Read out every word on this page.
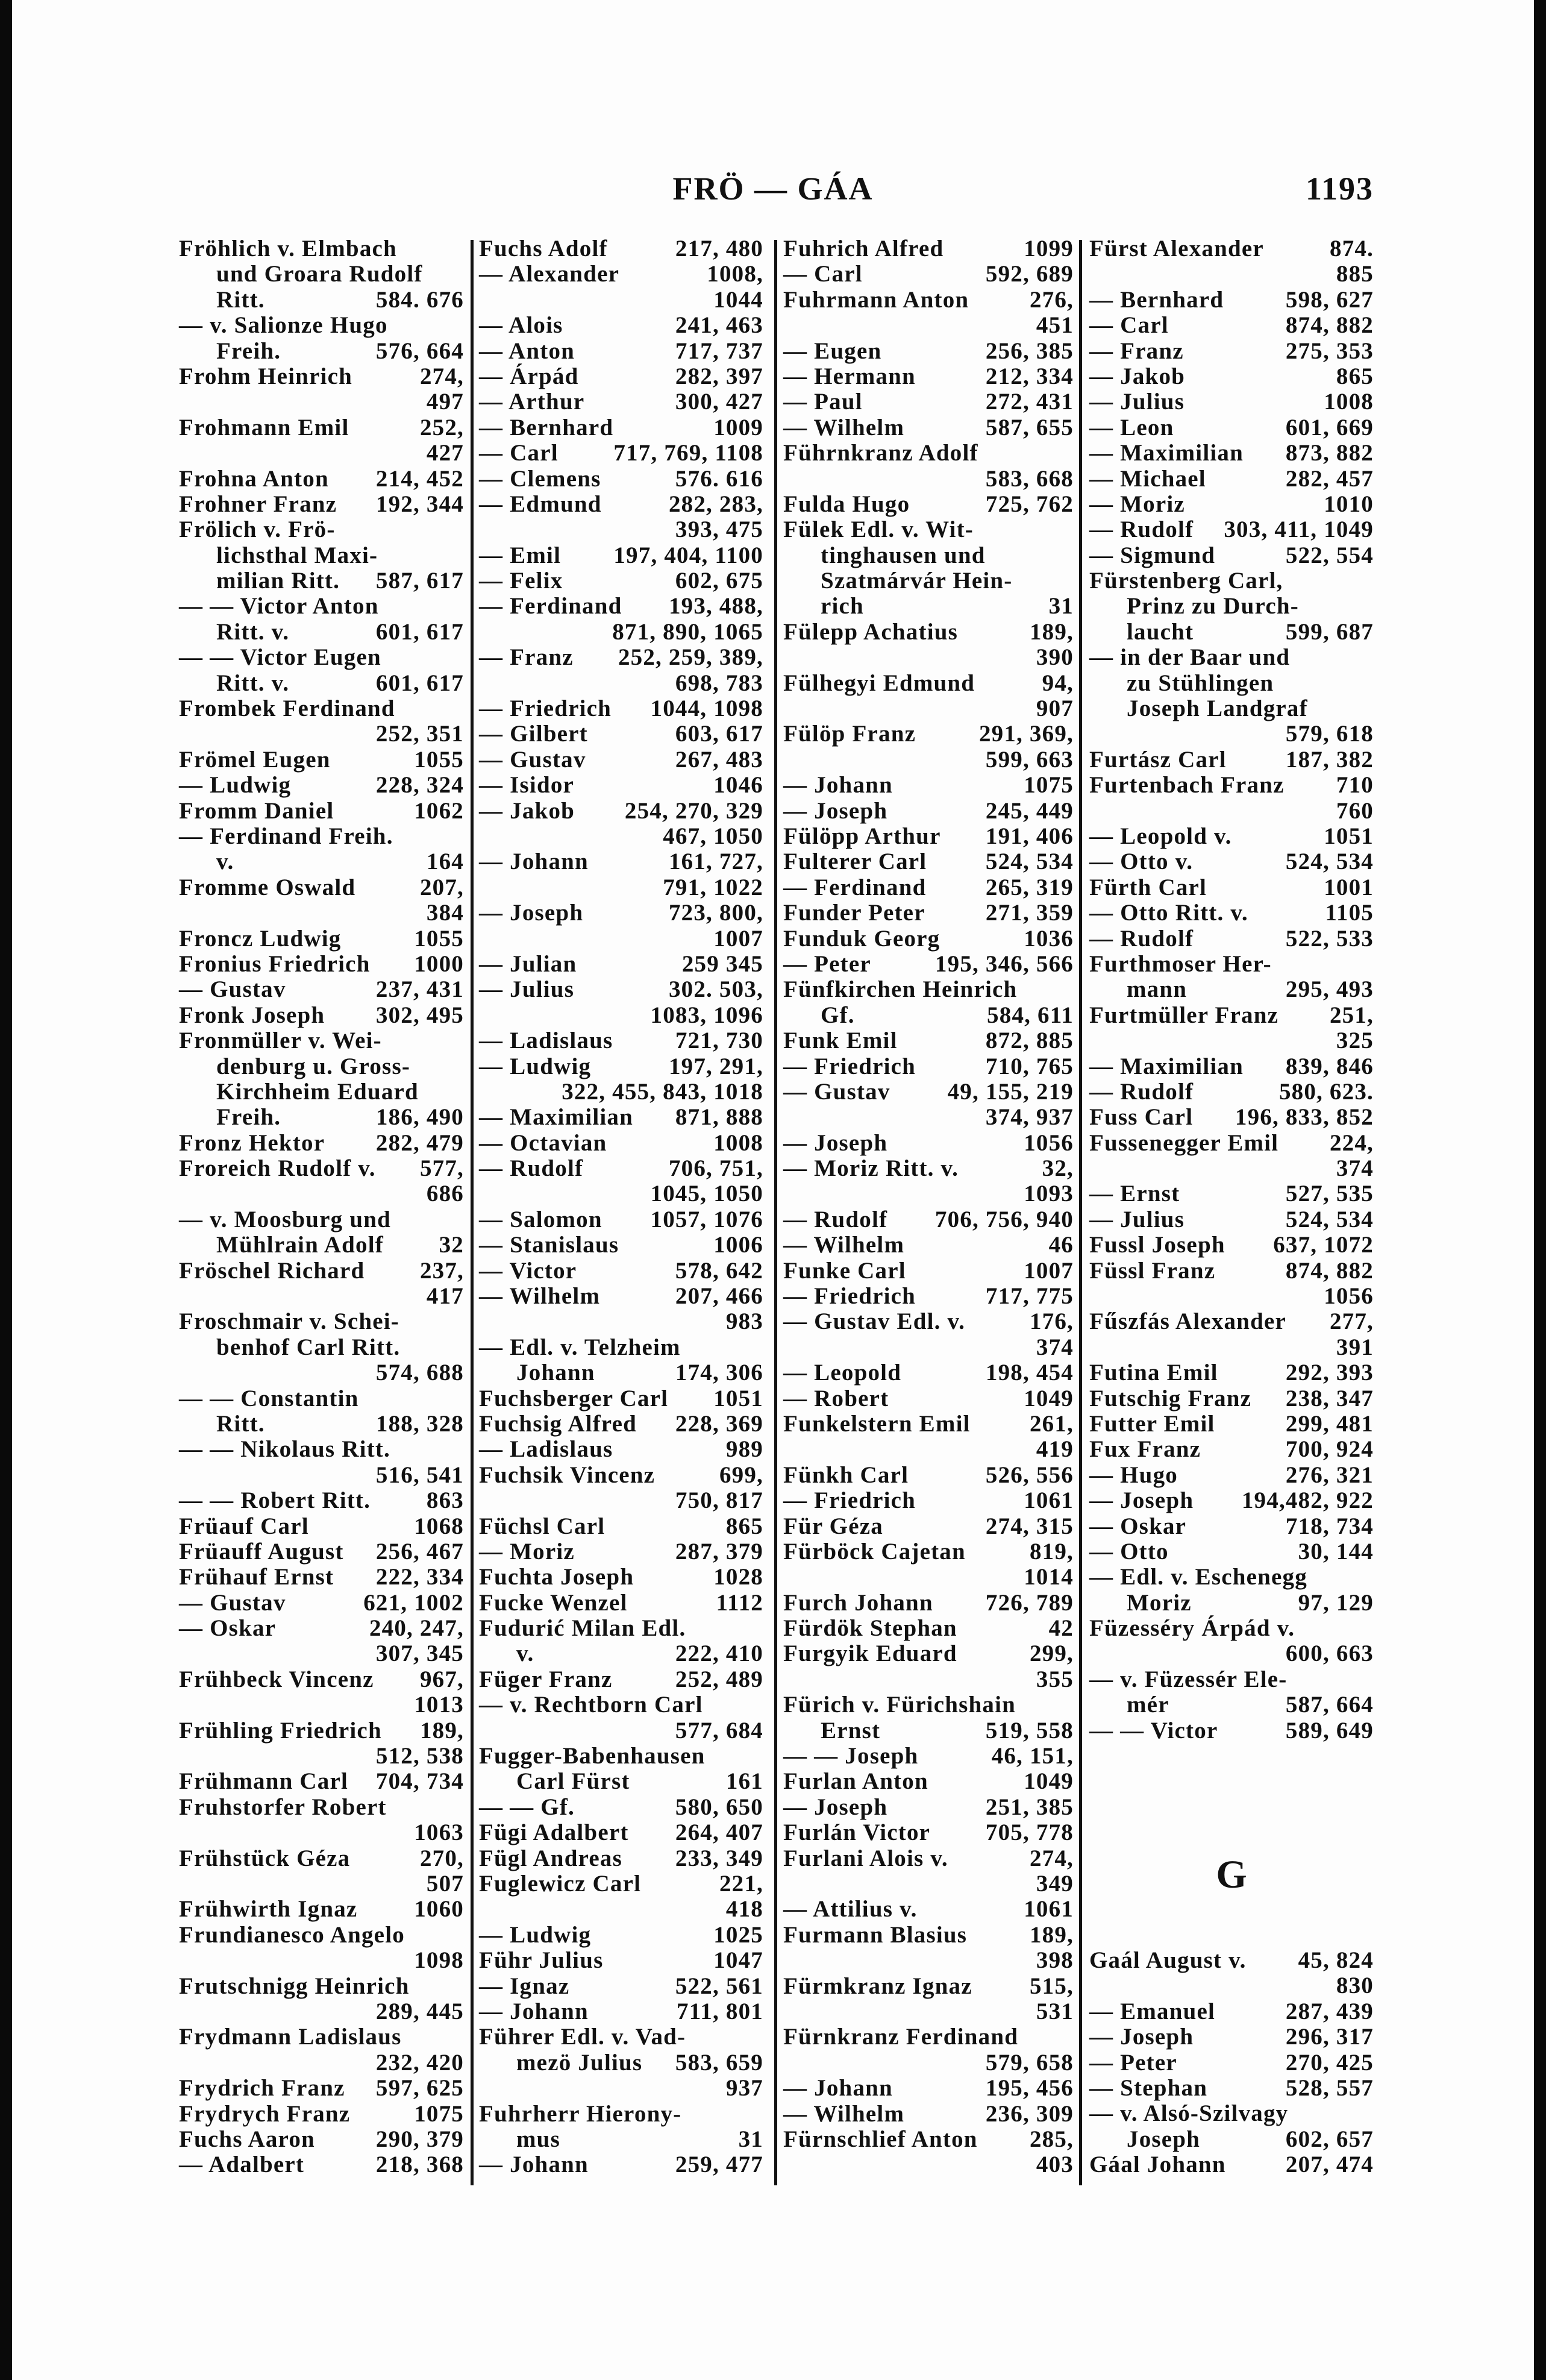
FRÖ — GÁA	1193
Fröhlich v. Elmbach
und Groara Rudolf
Ritt.	584. 676
— v. Salionze Hugo
Freih.	576, 664
Frohm Heinrich	274,
497
Frohmann Emil	252,
427
Frohna Anton 214, 452
Frohner Franz 192, 344
Frölich v. Frö-
lichsthal Maxi-
milian Ritt. 587, 617
— — Victor Anton
Ritt. v.	601, 617
— — Victor Eugen
Ritt. v.	601, 617
Frombek Ferdinand
252, 351
Frömel Eugen	1055
— Ludwig	228, 324
Fromm Daniel	1062
— Ferdinand Freih.
v.	164
Fromme Oswald	207,
384
Froncz Ludwig	1055
Fronius Friedrich 1000
— Gustav	237, 431
Fronk Joseph 302, 495
Fronmüller v. Wei-
denburg u. Gross-
Kirchheim Eduard
Freih.	186, 490
Fronz Hektor 282, 479
Froreich Rudolf v. 577,
686
— v. Moosburg und
Mühlrain Adolf 32
Fröschel Richard 237,
417
Froschmair v. Schei-
benhof Carl Ritt.
574, 688
— — Constantin
Ritt.	188, 328
— — Nikolaus Ritt.
516, 541
— — Robert Ritt. 863
Früauf Carl	1068
Früauff August 256, 467
Frühauf Ernst 222, 334
— Gustav	621, 1002
— Oskar	240, 247,
307, 345
Frühbeck Vincenz 967,
1013
Frühling Friedrich 189,
512, 538
Frühmann Carl 704, 734
Fruhstorfer Robert
1063
Frühstück Géza	270,
507
Frühwirth Ignaz 1060
Frundianesco Angelo
1098
Frutschnigg Heinrich
289, 445
Frydmann Ladislaus
232, 420
Frydrich Franz 597, 625
Frydrych Franz	1075
Fuchs Aaron	290, 379
— Adalbert	218, 368
Fuchs Adolf	217, 480
— Alexander	1008,
1044
— Alois	241, 463
— Anton	717, 737
— Árpád	282, 397
— Arthur	300, 427
— Bernhard	1009
— Carl 717, 769, 1108
— Clemens	576. 616
— Edmund	282, 283,
393, 475
— Emil 197, 404, 1100
— Felix	602, 675
— Ferdinand 193, 488,
871, 890, 1065
— Franz 252, 259, 389,
698, 783
— Friedrich 1044, 1098
— Gilbert	603, 617
— Gustav	267, 483
— Isidor	1046
— Jakob 254, 270, 329
467, 1050
— Johann	161, 727,
791, 1022
— Joseph	723, 800,
1007
— Julian	259 345
— Julius	302. 503,
1083, 1096
— Ladislaus	721, 730
— Ludwig	197, 291,
322, 455, 843, 1018
— Maximilian 871, 888
— Octavian	1008
— Rudolf	706, 751,
1045, 1050
— Salomon 1057, 1076
— Stanislaus	1006
— Victor	578, 642
— Wilhelm	207, 466
983
— Edl. v. Telzheim
Johann	174, 306
Fuchsberger Carl 1051
Fuchsig Alfred 228, 369
— Ladislaus	989
Fuchsik Vincenz	699,
750, 817
Füchsl Carl	865
— Moriz	287, 379
Fuchta Joseph	1028
Fucke Wenzel	1112
Fudurić Milan Edl.
v.	222, 410
Füger Franz	252, 489
— v. Rechtborn Carl
577, 684
Fugger-Babenhausen
Carl Fürst	161
— — Gf.	580, 650
Fügi Adalbert 264, 407
Fügl Andreas 233, 349
Fuglewicz Carl	221,
418
— Ludwig	1025
Führ Julius	1047
— Ignaz	522, 561
— Johann	711, 801
Führer Edl. v. Vad-
mezö Julius 583, 659
937
Fuhrherr Hierony-
mus	31
— Johann	259, 477
Fuhrich Alfred	1099
— Carl	592, 689
Fuhrmann Anton	276,
451
— Eugen	256, 385
— Hermann	212, 334
— Paul	272, 431
— Wilhelm	587, 655
Führnkranz Adolf
583, 668
Fulda Hugo	725, 762
Fülek Edl. v. Wit-
tinghausen und
Szatmárvár Hein-
rich	31
Fülepp Achatius	189,
390
Fülhegyi Edmund	94,
907
Fülöp Franz	291, 369,
599, 663
— Johann	1075
— Joseph	245, 449
Fülöpp Arthur 191, 406
Fulterer Carl	524, 534
— Ferdinand	265, 319
Funder Peter	271, 359
Funduk Georg	1036
— Peter	195, 346, 566
Fünfkirchen Heinrich
Gf.	584, 611
Funk Emil	872, 885
— Friedrich	710, 765
— Gustav 49, 155, 219
374, 937
— Joseph	1056
— Moriz Ritt. v.	32,
1093
— Rudolf 706, 756, 940
— Wilhelm	46
Funke Carl	1007
— Friedrich	717, 775
— Gustav Edl. v.	176,
374
— Leopold	198, 454
— Robert	1049
Funkelstern Emil	261,
419
Fünkh Carl	526, 556
— Friedrich	1061
Für Géza	274, 315
Fürböck Cajetan	819,
1014
Furch Johann 726, 789
Fürdök Stephan	42
Furgyik Eduard	299,
355
Fürich v. Fürichshain
Ernst	519, 558
— — Joseph	46, 151,
Furlan Anton	1049
— Joseph	251, 385
Furlán Victor 705, 778
Furlani Alois v.	274,
349
— Attilius v.	1061
Furmann Blasius	189,
398
Fürmkranz Ignaz 515,
531
Fürnkranz Ferdinand
579, 658
— Johann	195, 456
— Wilhelm	236, 309
Fürnschlief Anton 285,
403
Fürst Alexander	874.
885
— Bernhard	598, 627
— Carl	874, 882
— Franz	275, 353
— Jakob	865
— Julius	1008
— Leon	601, 669
— Maximilian 873, 882
— Michael	282, 457
— Moriz	1010
— Rudolf 303, 411, 1049
— Sigmund	522, 554
Fürstenberg Carl,
Prinz zu Durch-
laucht	599, 687
— in der Baar und
zu Stühlingen
Joseph Landgraf
579, 618
Furtász Carl	187, 382
Furtenbach Franz 710
760
— Leopold v.	1051
— Otto v.	524, 534
Fürth Carl	1001
— Otto Ritt. v.	1105
— Rudolf	522, 533
Furthmoser Her-
mann	295, 493
Furtmüller Franz 251,
325
— Maximilian 839, 846
— Rudolf	580, 623.
Fuss Carl 196, 833, 852
Fussenegger Emil 224,
374
— Ernst	527, 535
— Julius	524, 534
Fussl Joseph 637, 1072
Füssl Franz	874, 882
1056
Fűszfás Alexander 277,
391
Futina Emil	292, 393
Futschig Franz 238, 347
Futter Emil	299, 481
Fux Franz	700, 924
— Hugo	276, 321
— Joseph 194,482, 922
— Oskar	718, 734
— Otto	30, 144
— Edl. v. Eschenegg
Moriz	97, 129
Füzesséry Árpád v.
600, 663
— v. Füzessér Ele-
mér	587, 664
— — Victor	589, 649
G
Gaál August v. 45, 824
830
— Emanuel	287, 439
— Joseph	296, 317
— Peter	270, 425
— Stephan	528, 557
— v. Alsó-Szilvagy
Joseph	602, 657
Gáal Johann	207, 474
